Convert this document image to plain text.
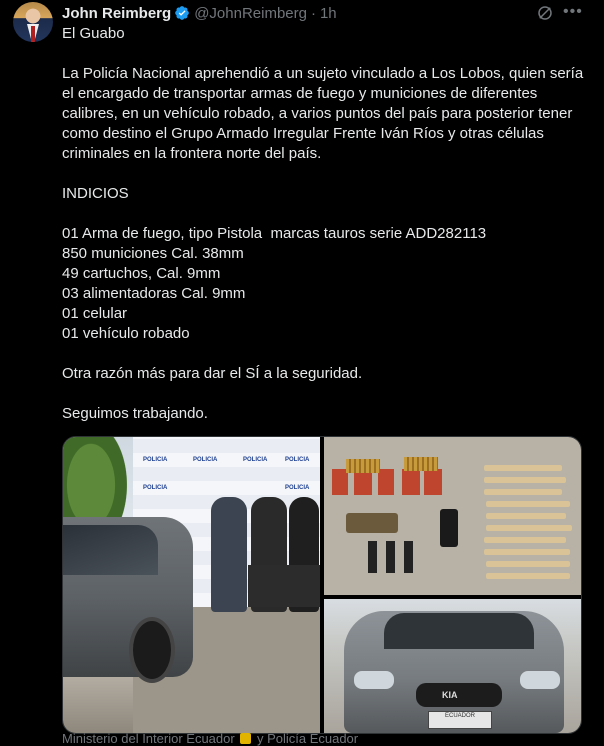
John Reimberg @JohnReimberg · 1h	•••
El Guabo

La Policía Nacional aprehendió a un sujeto vinculado a Los Lobos, quien sería el encargado de transportar armas de fuego y municiones de diferentes calibres, en un vehículo robado, a varios puntos del país para posterior tener como destino el Grupo Armado Irregular Frente Iván Ríos y otras células criminales en la frontera norte del país.

INDICIOS

01 Arma de fuego, tipo Pistola  marcas tauros serie ADD282113
850 municiones Cal. 38mm
49 cartuchos, Cal. 9mm
03 alimentadoras Cal. 9mm
01 celular
01 vehículo robado

Otra razón más para dar el SÍ a la seguridad.

Seguimos trabajando.
POLICIA	POLICIA	POLICIA	POLICIA
POLICIA	POLICIA
KIA
ECUADOR
Ministerio del Interior Ecuador y Policía Ecuador
